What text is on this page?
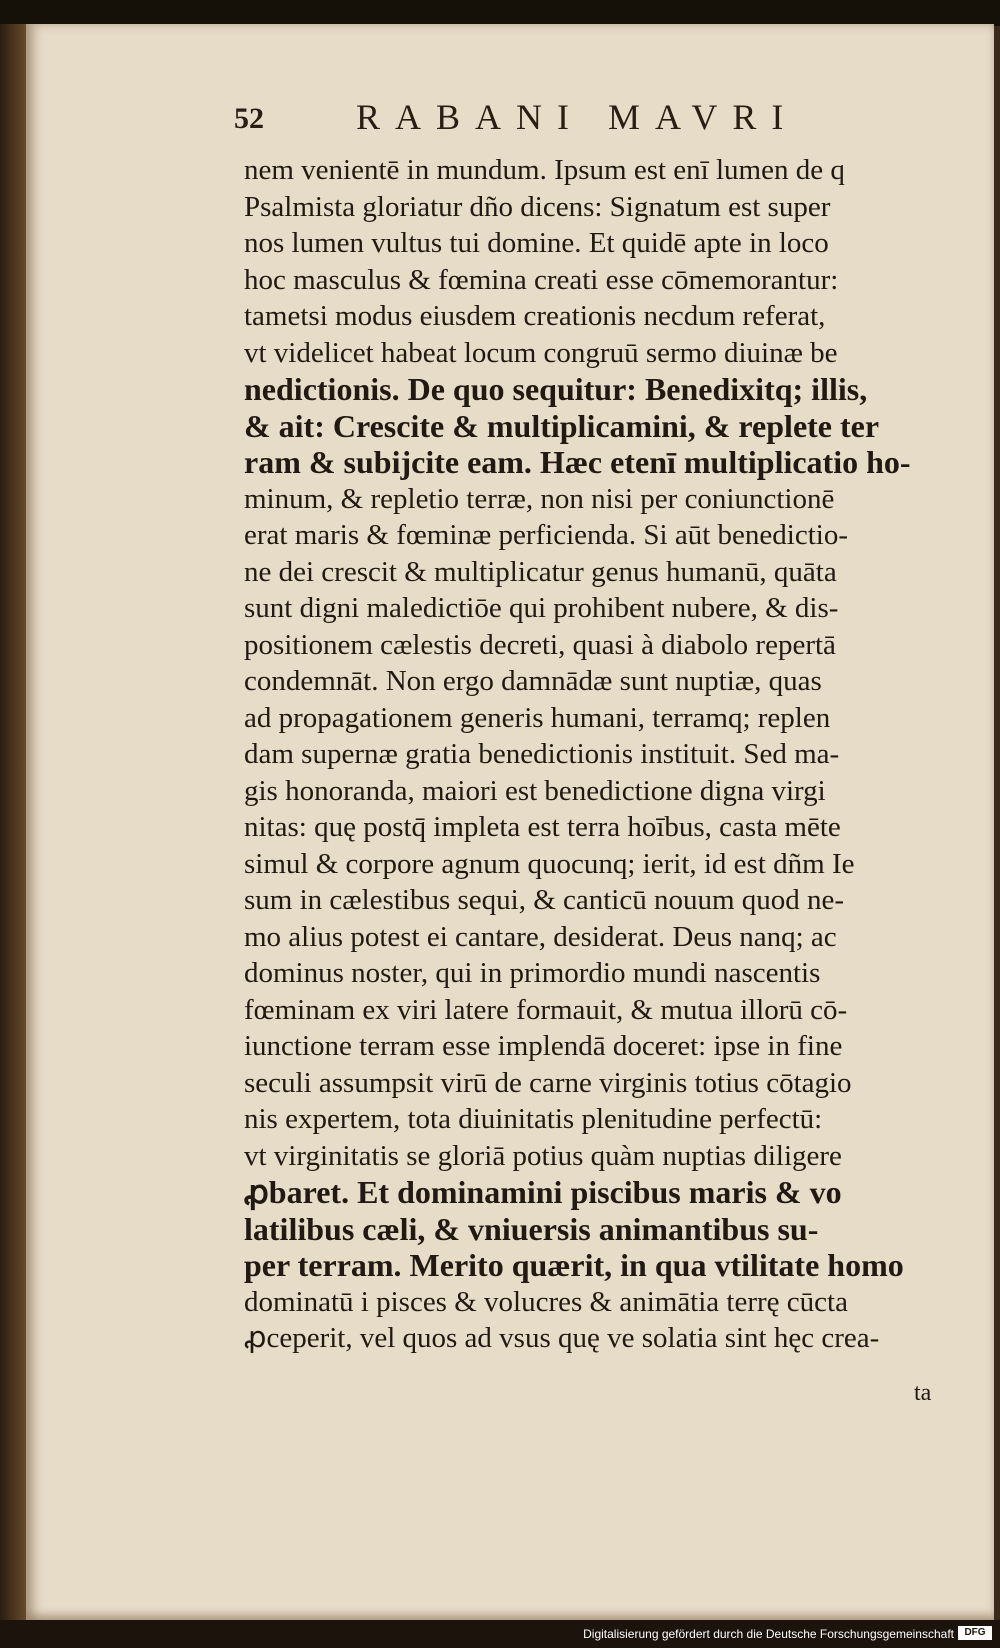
52	RABANI MAVRI
nem venientē in mundum. Ipsum est enī lumen de q
Psalmista gloriatur dño dicens: Signatum est super
nos lumen vultus tui domine. Et quidē apte in loco
hoc masculus & fœmina creati esse cōmemorantur:
tametsi modus eiusdem creationis necdum referat,
vt videlicet habeat locum congruū sermo diuinæ be
nedictionis. De quo sequitur: Benedixitq; illis,
& ait: Crescite & multiplicamini, & replete ter
ram & subijcite eam. Hæc etenī multiplicatio ho-
minum, & repletio terræ, non nisi per coniunctionē
erat maris & fœminæ perficienda. Si aūt benedictio-
ne dei crescit & multiplicatur genus humanū, quāta
sunt digni maledictiōe qui prohibent nubere, & dis-
positionem cælestis decreti, quasi à diabolo repertā
condemnāt. Non ergo damnādæ sunt nuptiæ, quas
ad propagationem generis humani, terramq; replen
dam supernæ gratia benedictionis instituit. Sed ma-
gis honoranda, maiori est benedictione digna virgi
nitas: quę postq̄ impleta est terra hoībus, casta mēte
simul & corpore agnum quocunq; ierit, id est dñm Ie
sum in cælestibus sequi, & canticū nouum quod ne-
mo alius potest ei cantare, desiderat. Deus nanq; ac
dominus noster, qui in primordio mundi nascentis
fœminam ex viri latere formauit, & mutua illorū cō-
iunctione terram esse implendā doceret: ipse in fine
seculi assumpsit virū de carne virginis totius cōtagio
nis expertem, tota diuinitatis plenitudine perfectū:
vt virginitatis se gloriā potius quàm nuptias diligere
ꝓbaret. Et dominamini piscibus maris & vo
latilibus cæli, & vniuersis animantibus su-
per terram. Merito quærit, in qua vtilitate homo
dominatū i pisces & volucres & animātia terrę cūcta
ꝓceperit, vel quos ad vsus quę ve solatia sint hęc crea-
ta
Digitalisierung gefördert durch die Deutsche Forschungsgemeinschaft	DFG
